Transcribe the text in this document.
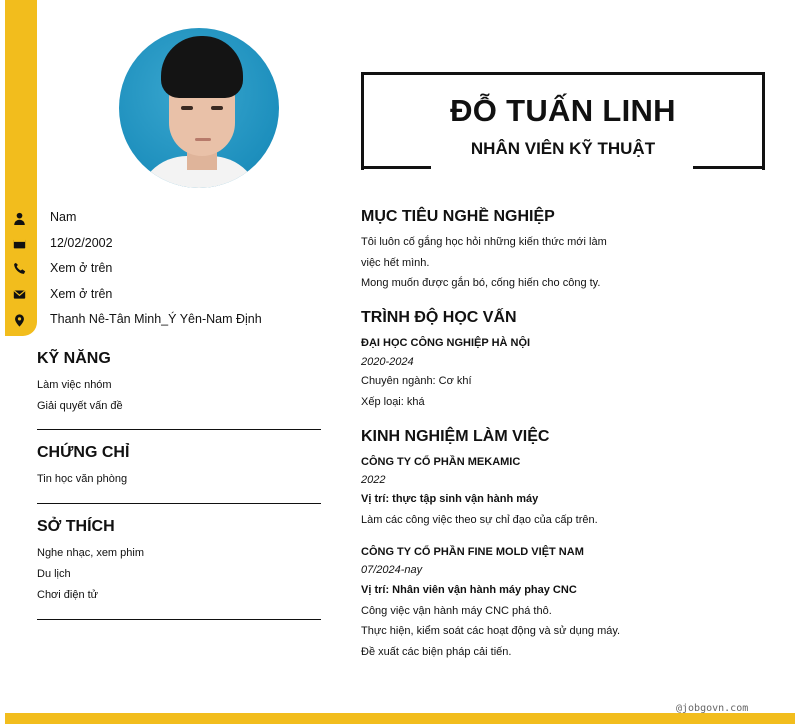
Nam
12/02/2002
Xem ở trên
Xem ở trên
Thanh Nê-Tân Minh_Ý Yên-Nam Định
KỸ NĂNG
Làm việc nhóm
Giải quyết vấn đề
CHỨNG CHỈ
Tin học văn phòng
SỞ THÍCH
Nghe nhạc, xem phim
Du lịch
Chơi điện tử
ĐỖ TUẤN LINH
NHÂN VIÊN KỸ THUẬT
MỤC TIÊU NGHỀ NGHIỆP
Tôi luôn cố gắng học hỏi những kiến thức mới làm
việc hết mình.
Mong muốn được gắn bó, cống hiến cho công ty.
TRÌNH ĐỘ HỌC VẤN
ĐẠI HỌC CÔNG NGHIỆP HÀ NỘI
2020-2024
Chuyên ngành: Cơ khí
Xếp loại: khá
KINH NGHIỆM LÀM VIỆC
CÔNG TY CỔ PHẦN MEKAMIC
2022
Vị trí: thực tập sinh vận hành máy
Làm các công việc theo sự chỉ đạo của cấp trên.
CÔNG TY CỔ PHẦN FINE MOLD VIỆT NAM
07/2024-nay
Vị trí: Nhân viên vận hành máy phay CNC
Công việc vận hành máy CNC phá thô.
Thực hiện, kiểm soát các hoạt động và sử dụng máy.
Đề xuất các biện pháp cải tiến.
@jobgovn.com
